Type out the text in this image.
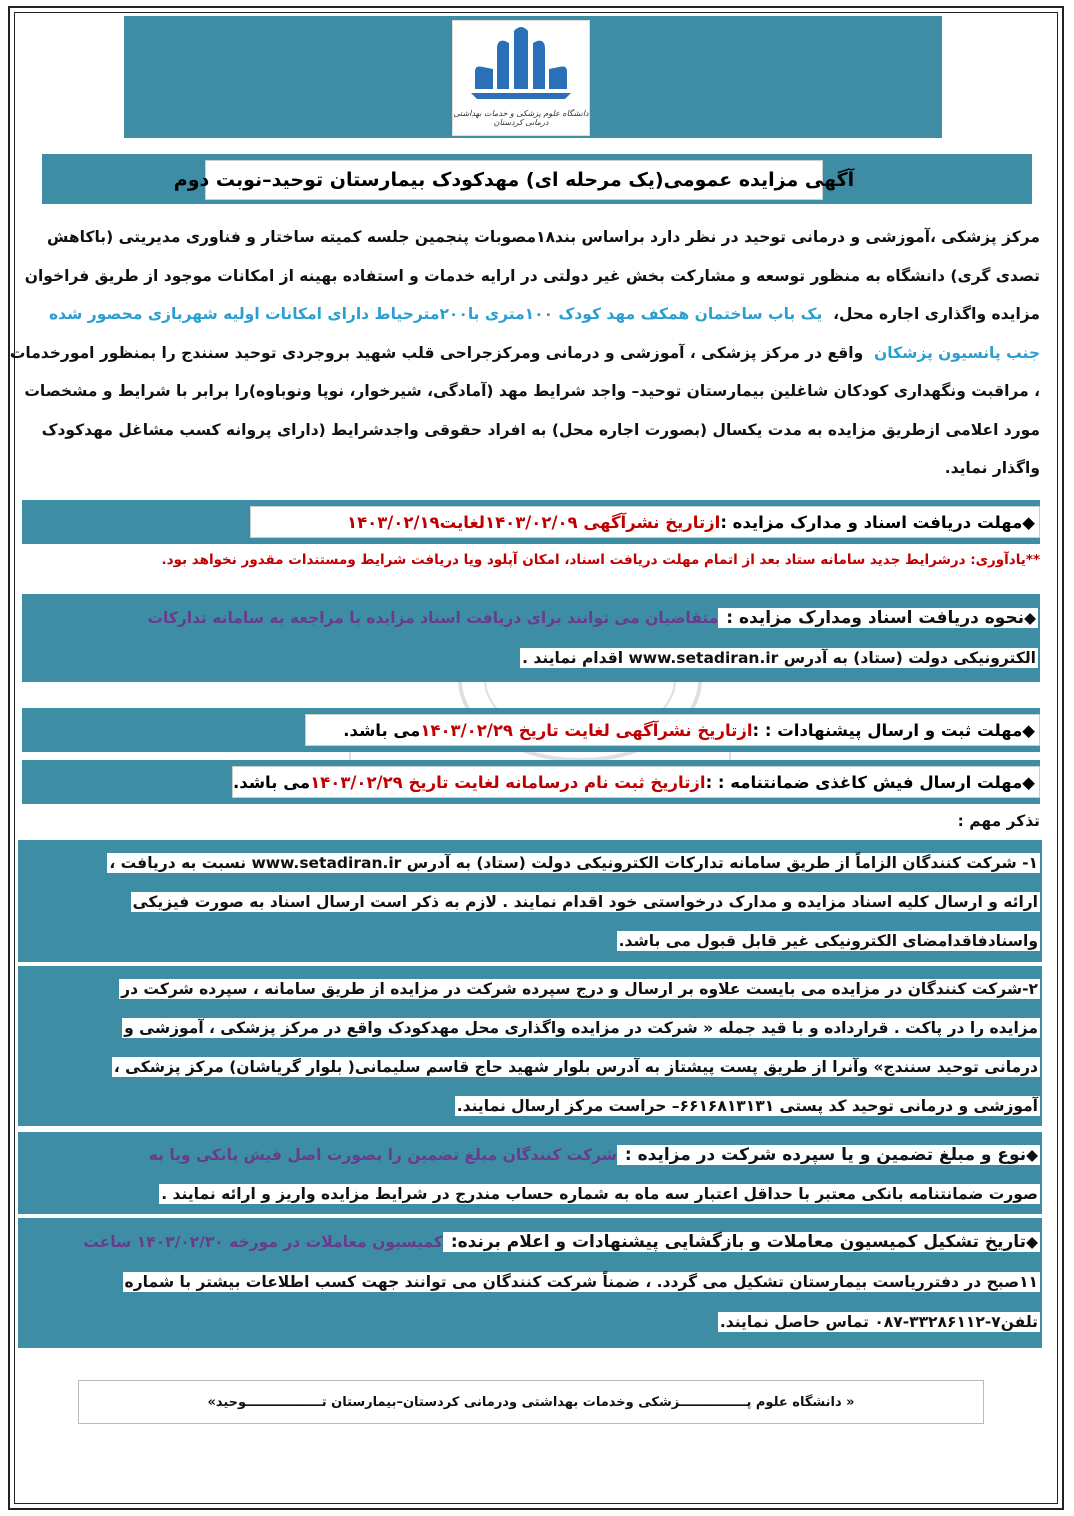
دانشگاه علوم پزشکی و خدمات بهداشتی درمانی کردستان
آگهی مزایده عمومی(یک مرحله ای) مهدکودک بیمارستان توحید–نوبت دوم
مرکز پزشکی ،آموزشی و درمانی توحید در نظر دارد براساس بند۱۸مصوبات پنجمین جلسه کمیته ساختار و فناوری مدیریتی (باکاهش
تصدی گری) دانشگاه به منظور توسعه و مشارکت بخش غیر دولتی در ارایه خدمات و استفاده بهینه از امکانات موجود از طریق فراخوان
مزایده واگذاری اجاره محل،  یک باب ساختمان همکف مهد کودک ۱۰۰متری با۲۰۰مترحیاط دارای امکانات اولیه شهربازی محصور شده
جنب پانسیون پزشکان  واقع در مرکز پزشکی ، آموزشی و درمانی ومرکزجراحی قلب شهید بروجردی توحید سنندج را بمنظور امورخدمات
، مراقبت ونگهداری کودکان شاغلین بیمارستان توحید– واجد شرایط مهد (آمادگی، شیرخوار، نوپا ونوباوه)را برابر با شرایط و مشخصات
مورد اعلامی ازطریق مزایده به مدت یکسال (بصورت اجاره محل) به افراد حقوقی واجدشرایط (دارای پروانه کسب مشاغل مهدکودک
واگذار نماید.
◆
مهلت دریافت اسناد و مدارک مزایده :
ازتاریخ نشرآگهی ۱۴۰۳/۰۲/۰۹لغایت۱۴۰۳/۰۲/۱۹
**یادآوری: درشرایط جدید سامانه ستاد بعد از اتمام مهلت دریافت اسناد، امکان آپلود ویا دریافت شرایط ومستندات مقدور نخواهد بود.
◆نحوه دریافت اسناد ومدارک مزایده : متقاضیان می توانند برای دریافت اسناد مزایده با مراجعه به سامانه تدارکات
الکترونیکی دولت (ستاد) به آدرس www.setadiran.ir اقدام نمایند .
◆
مهلت ثبت و ارسال پیشنهادات : :
ازتاریخ نشرآگهی لغایت تاریخ ۱۴۰۳/۰۲/۲۹
می باشد.
◆
مهلت ارسال فیش کاغذی ضمانتنامه : :
ازتاریخ ثبت نام درسامانه لغایت تاریخ ۱۴۰۳/۰۲/۲۹
می باشد.
تذکر مهم :
۱- شرکت کنندگان الزاماً از طریق سامانه تدارکات الکترونیکی دولت (ستاد) به آدرس www.setadiran.ir نسبت به دریافت ،
ارائه و ارسال کلیه اسناد مزایده و مدارک درخواستی خود اقدام نمایند . لازم به ذکر است ارسال اسناد به صورت فیزیکی
واسنادفاقدامضای الکترونیکی غیر قابل قبول می باشد.
۲-شرکت کنندگان در مزایده می بایست علاوه بر ارسال و درج سپرده شرکت در مزایده از طریق سامانه ، سپرده شرکت در
مزایده را در پاکت . قرارداده و با قید جمله « شرکت در مزایده واگذاری محل مهدکودک واقع در مرکز پزشکی ، آموزشی و
درمانی توحید سنندج» وآنرا از طریق پست پیشتاز به آدرس بلوار شهید حاج قاسم سلیمانی( بلوار گریاشان) مرکز پزشکی ،
آموزشی و درمانی توحید کد پستی ۶۶۱۶۸۱۳۱۳۱– حراست مرکز ارسال نمایند.
◆نوع و مبلغ تضمین و یا سپرده شرکت در مزایده : شرکت کنندگان مبلغ تضمین را بصورت اصل فیش بانکی ویا به
صورت ضمانتنامه بانکی معتبر با حداقل اعتبار سه ماه به شماره حساب مندرج در شرایط مزایده واریز و ارائه نمایند .
◆تاریخ تشکیل کمیسیون معاملات و بازگشایی پیشنهادات و اعلام برنده: کمیسیون معاملات در مورخه ۱۴۰۳/۰۲/۳۰ ساعت
۱۱صبح در دفترریاست بیمارستان تشکیل می گردد. ، ضمناً شرکت کنندگان می توانند جهت کسب اطلاعات بیشتر با شماره
تلفن۷-۳۳۲۸۶۱۱۲-۰۸۷ تماس حاصل نمایند.
« دانشگاه علوم پـــــــــــــــزشکی وخدمات بهداشتی ودرمانی کردستان–بیمارستان تـــــــــــــــــوحید»
